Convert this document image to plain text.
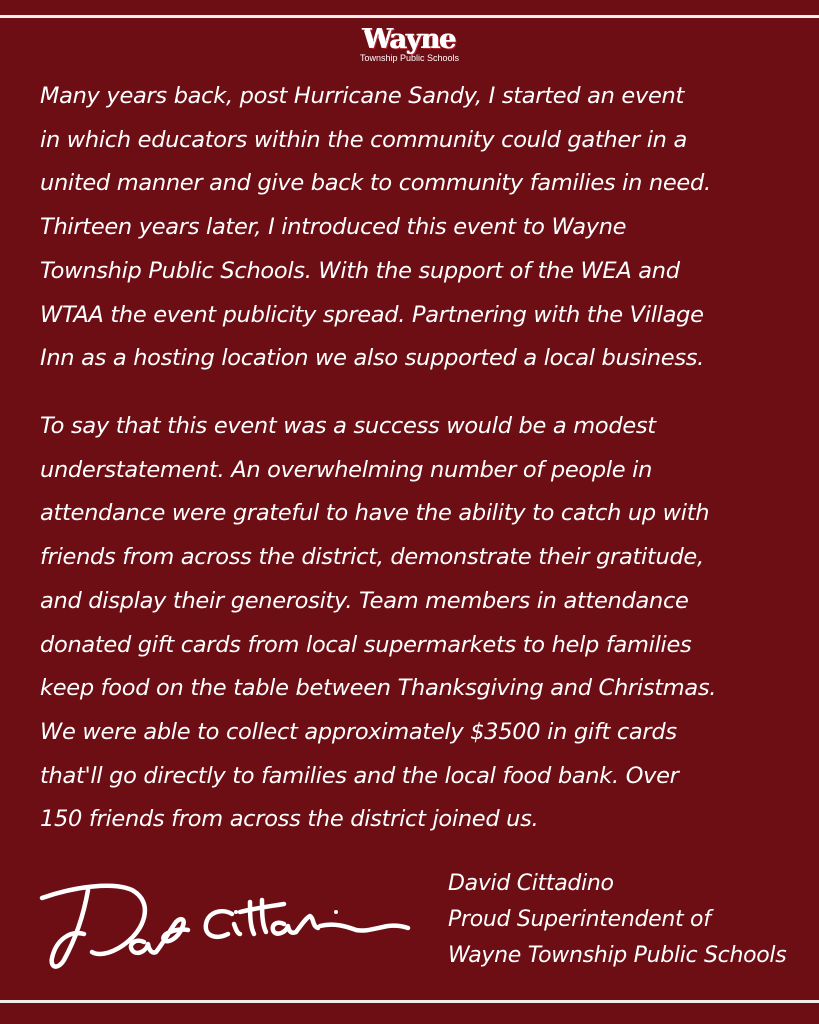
Wayne
Township Public Schools

Many years back, post Hurricane Sandy, I started an event
in which educators within the community could gather in a
united manner and give back to community families in need.
Thirteen years later, I introduced this event to Wayne
Township Public Schools. With the support of the WEA and
WTAA the event publicity spread. Partnering with the Village
Inn as a hosting location we also supported a local business.

To say that this event was a success would be a modest
understatement. An overwhelming number of people in
attendance were grateful to have the ability to catch up with
friends from across the district, demonstrate their gratitude,
and display their generosity. Team members in attendance
donated gift cards from local supermarkets to help families
keep food on the table between Thanksgiving and Christmas.
We were able to collect approximately $3500 in gift cards
that'll go directly to families and the local food bank. Over
150 friends from across the district joined us.

David Cittadino
Proud Superintendent of
Wayne Township Public Schools
